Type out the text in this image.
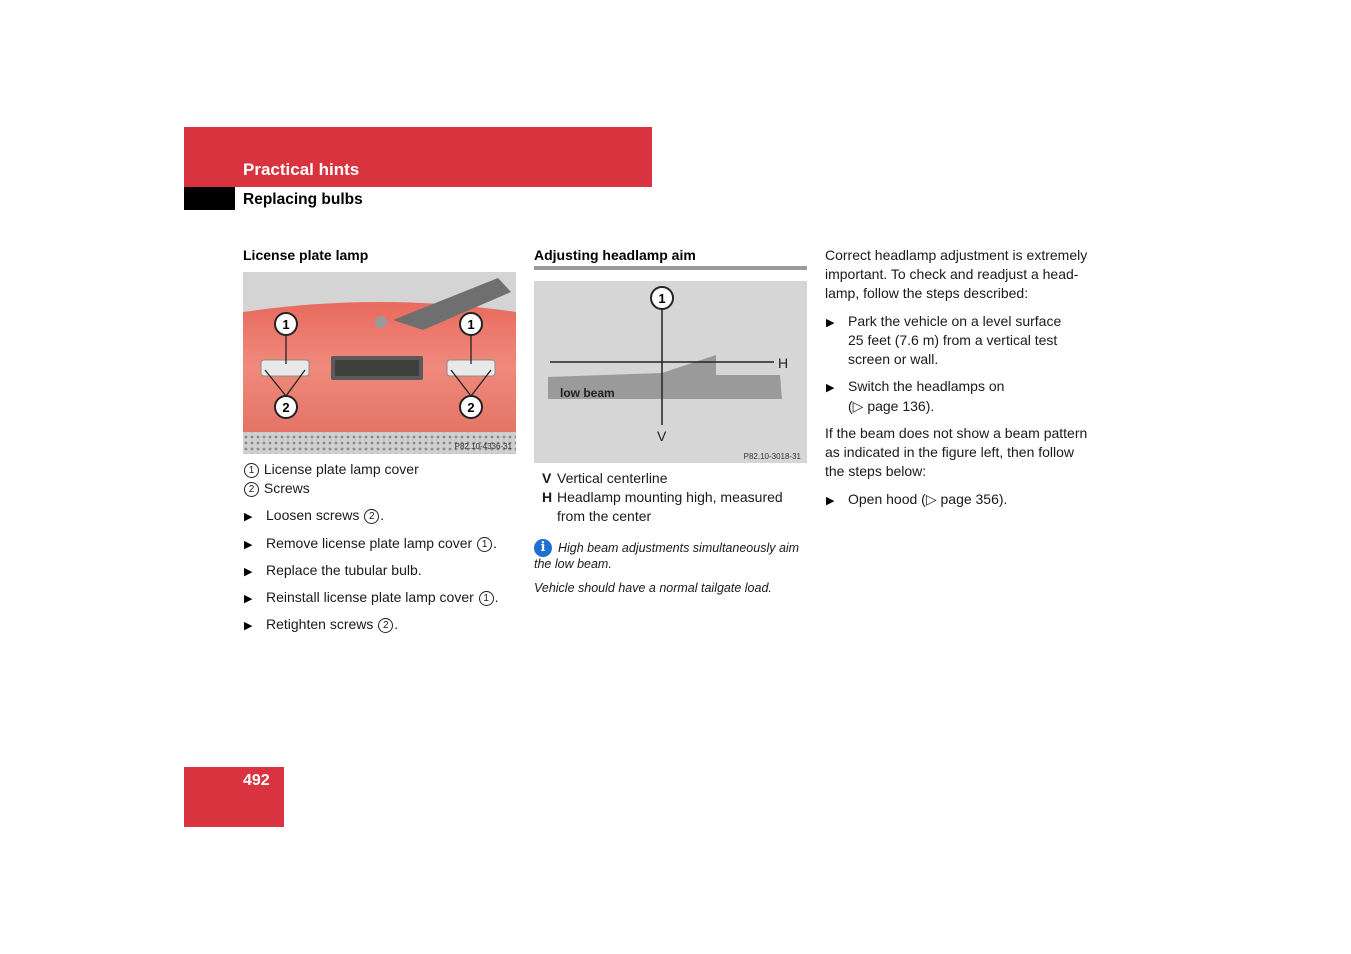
Practical hints
Replacing bulbs
License plate lamp
1	1
2	2
P82.10-4336-31
1 License plate lamp cover
2 Screws
▶ Loosen screws 2 .
▶ Remove license plate lamp cover 1 .
▶ Replace the tubular bulb.
▶ Reinstall license plate lamp cover 1 .
▶ Retighten screws 2 .
Adjusting headlamp aim
1
H
V
low beam
P82.10-3018-31
V Vertical centerline
H Headlamp mounting high, measured
from the center
i	High beam adjustments simultaneously aim
the low beam.
Vehicle should have a normal tailgate load.
Correct headlamp adjustment is extremely
important. To check and readjust a head-
lamp, follow the steps described:
▶ Park the vehicle on a level surface
25 feet (7.6 m) from a vertical test
screen or wall.
▶ Switch the headlamps on
(▷ page 136).
If the beam does not show a beam pattern
as indicated in the figure left, then follow
the steps below:
▶ Open hood (▷ page 356).
492
